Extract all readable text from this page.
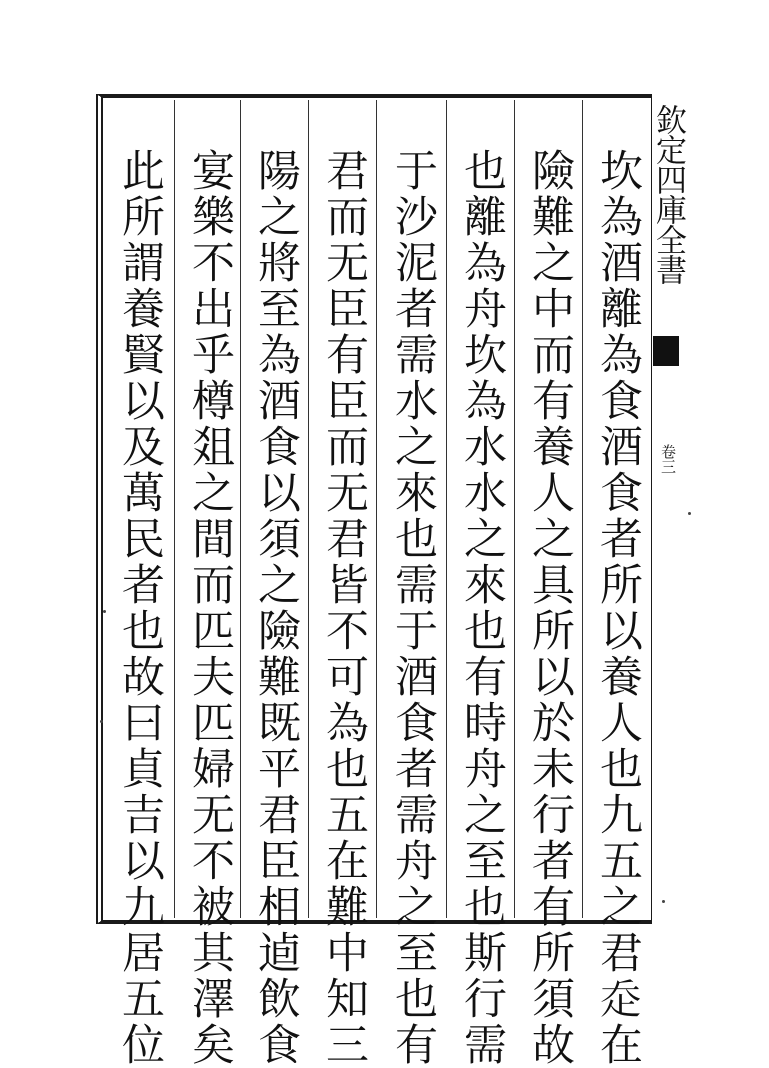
坎為酒離為食酒食者所以養人也九五之君𧺆在
險難之中而有養人之具所以於未行者有所須故
也離為舟坎為水水之來也有時舟之至也斯行需
于沙泥者需水之來也需于酒食者需舟之至也有
君而无臣有臣而无君皆不可為也五在難中知三
陽之將至為酒食以須之險難既平君臣相逌飲食
宴樂不出乎樽爼之間而匹夫匹婦无不被其澤矣
此所謂養賢以及萬民者也故曰貞吉以九居五位	欽定四庫全書
卷三
